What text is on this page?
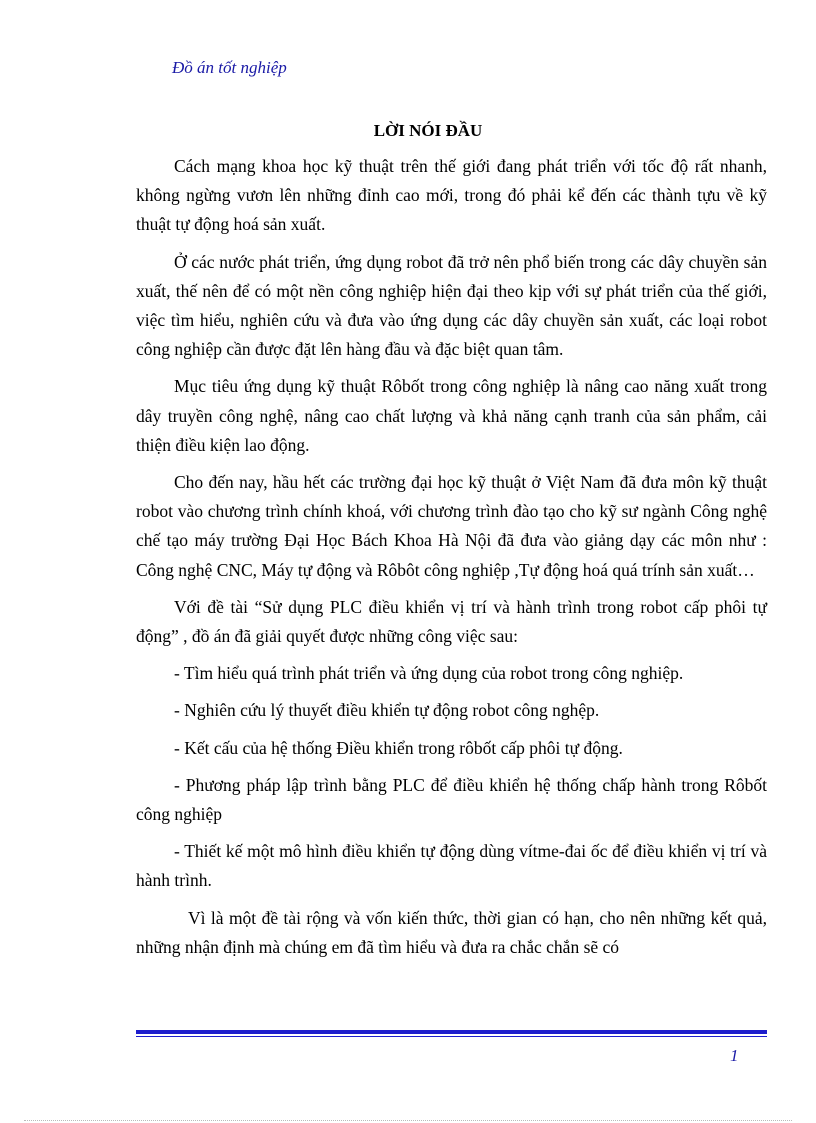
Đồ án tốt nghiệp
LỜI NÓI ĐẦU

Cách mạng khoa học kỹ thuật trên thế giới đang phát triển với tốc độ rất nhanh, không ngừng vươn lên những đỉnh cao mới, trong đó phải kể đến các thành tựu về kỹ thuật tự động hoá sản xuất.

Ở các nước phát triển, ứng dụng robot đã trở nên phổ biến trong các dây chuyền sản xuất, thế nên để có một nền công nghiệp hiện đại theo kịp với sự phát triển của thế giới, việc tìm hiểu, nghiên cứu và đưa vào ứng dụng các dây chuyền sản xuất, các loại robot công nghiệp cần được đặt lên hàng đầu và đặc biệt quan tâm.

Mục tiêu ứng dụng kỹ thuật Rôbốt trong công nghiệp là nâng cao năng xuất trong dây truyền công nghệ, nâng cao chất lượng và khả năng cạnh tranh của sản phẩm, cải thiện điều kiện lao động.

Cho đến nay, hầu hết các trường đại học kỹ thuật ở Việt Nam đã đưa môn kỹ thuật robot vào chương trình chính khoá, với chương trình đào tạo cho kỹ sư ngành Công nghệ chế tạo máy trường Đại Học Bách Khoa Hà Nội đã đưa vào giảng dạy các môn như : Công nghệ CNC, Máy tự động và Rôbôt công nghiệp ,Tự động hoá quá trính sản xuất…

Với đề tài “Sử dụng PLC điều khiển vị trí và hành trình trong robot cấp phôi tự động” , đồ án đã giải quyết được những công việc sau:

- Tìm hiểu quá trình phát triển và ứng dụng của robot trong công nghiệp.

- Nghiên cứu lý thuyết điều khiển tự động robot công nghệp.

- Kết cấu của hệ thống Điều khiển trong rôbốt cấp phôi tự động.

- Phương pháp lập trình bằng PLC để điều khiển hệ thống chấp hành trong Rôbốt công nghiệp

- Thiết kế một mô hình điều khiển tự động dùng vítme-đai ốc để điều khiển vị trí và hành trình.

Vì là một đề tài rộng và vốn kiến thức, thời gian có hạn, cho nên những kết quả, những nhận định mà chúng em đã tìm hiểu và đưa ra chắc chắn sẽ có

1
